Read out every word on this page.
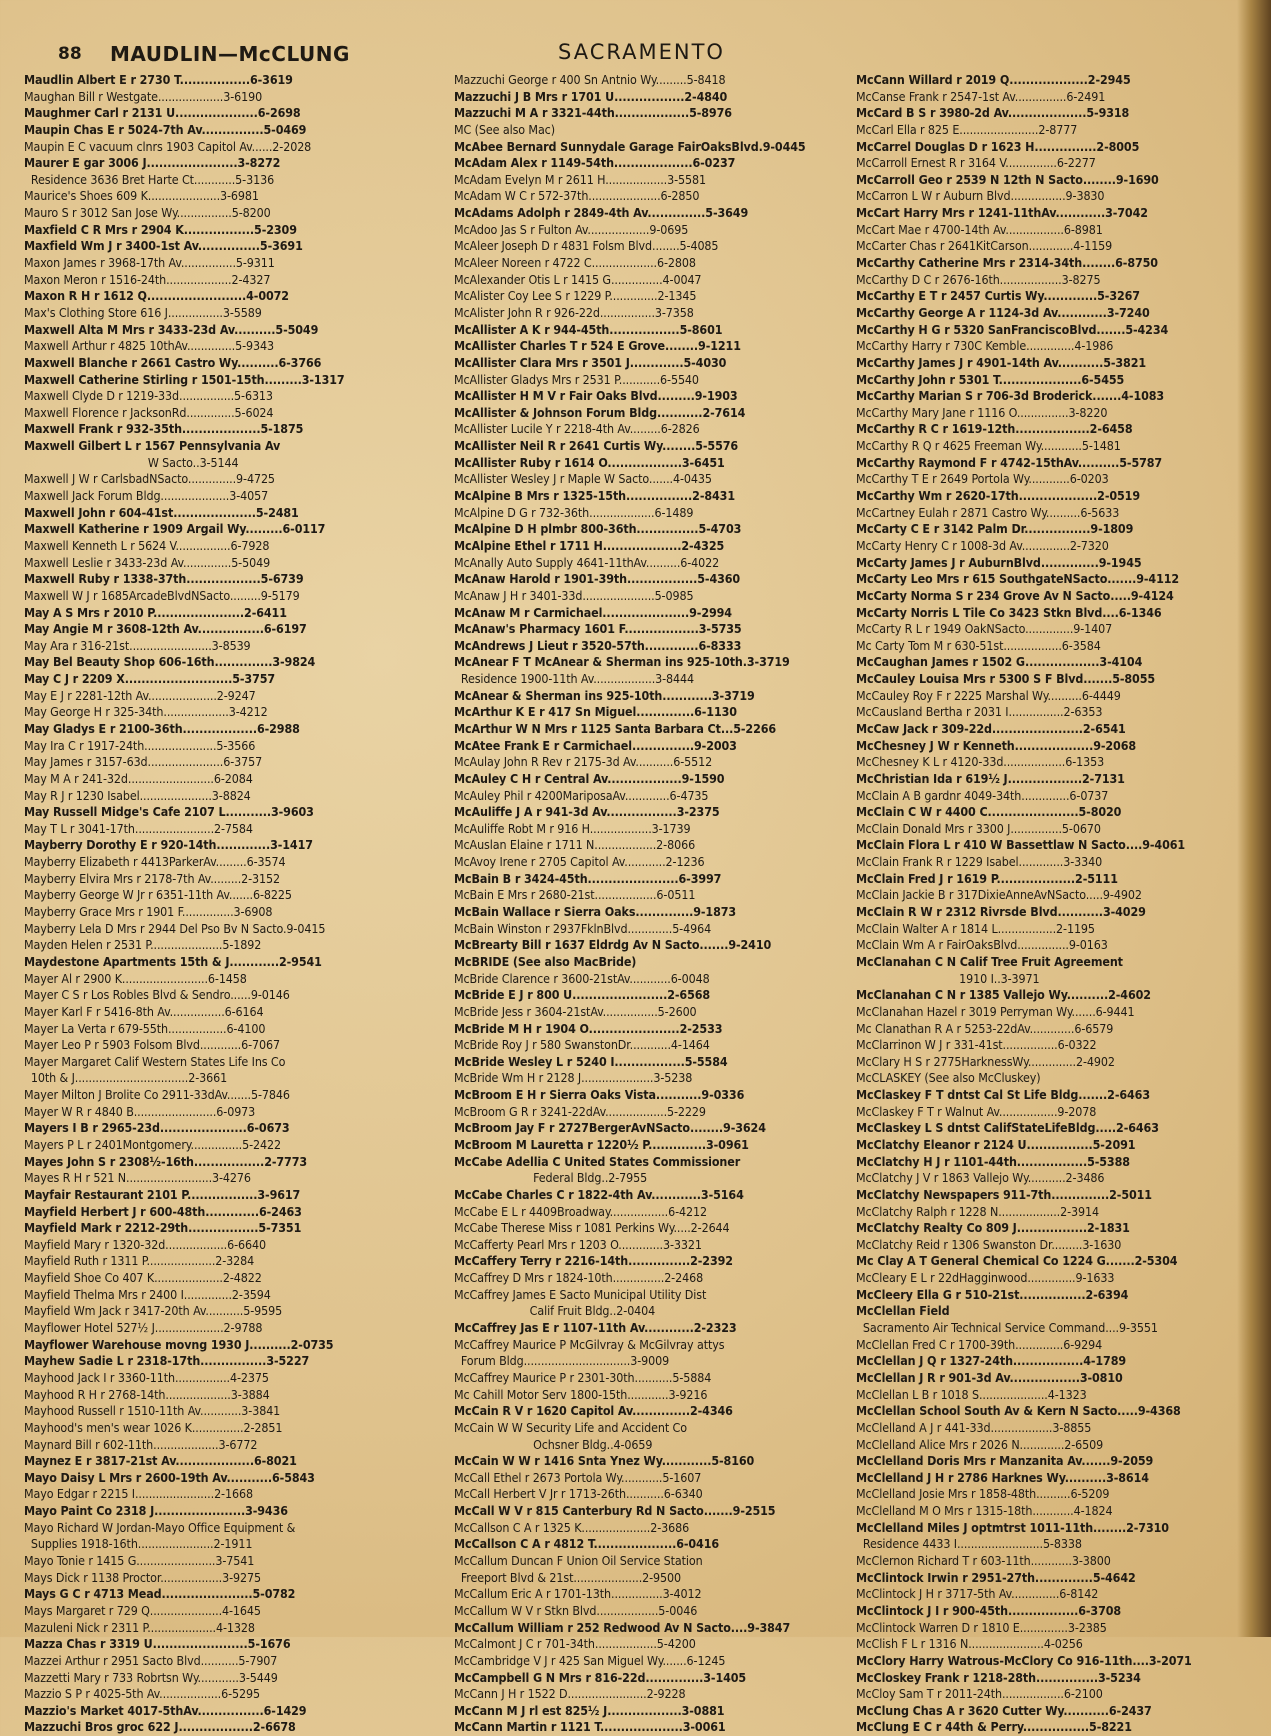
88 MAUDLIN—McCLUNG	SACRAMENTO
Maudlin Albert E r 2730 T.................6-3619
Maughan Bill r Westgate...................3-6190
Maughmer Carl r 2131 U....................6-2698
Maupin Chas E r 5024-7th Av...............5-0469
Maupin E C vacuum clnrs 1903 Capitol Av......2-2028
Maurer E gar 3006 J......................3-8272
Residence 3636 Bret Harte Ct............5-3136
Maurice's Shoes 609 K.....................3-6981
Mauro S r 3012 San Jose Wy................5-8200
Maxfield C R Mrs r 2904 K.................5-2309
Maxfield Wm J r 3400-1st Av...............5-3691
Maxon James r 3968-17th Av................5-9311
Maxon Meron r 1516-24th...................2-4327
Maxon R H r 1612 Q........................4-0072
Max's Clothing Store 616 J................3-5589
Maxwell Alta M Mrs r 3433-23d Av..........5-5049
Maxwell Arthur r 4825 10thAv..............5-9343
Maxwell Blanche r 2661 Castro Wy..........6-3766
Maxwell Catherine Stirling r 1501-15th.........3-1317
Maxwell Clyde D r 1219-33d................5-6313
Maxwell Florence r JacksonRd..............5-6024
Maxwell Frank r 932-35th...................5-1875
Maxwell Gilbert L r 1567 Pennsylvania Av
W Sacto..3-5144
Maxwell J W r CarlsbadNSacto..............9-4725
Maxwell Jack Forum Bldg....................3-4057
Maxwell John r 604-41st....................5-2481
Maxwell Katherine r 1909 Argail Wy.........6-0117
Maxwell Kenneth L r 5624 V................6-7928
Maxwell Leslie r 3433-23d Av..............5-5049
Maxwell Ruby r 1338-37th..................5-6739
Maxwell W J r 1685ArcadeBlvdNSacto.........9-5179
May A S Mrs r 2010 P......................2-6411
May Angie M r 3608-12th Av................6-6197
May Ara r 316-21st........................3-8539
May Bel Beauty Shop 606-16th..............3-9824
May C J r 2209 X..........................5-3757
May E J r 2281-12th Av....................2-9247
May George H r 325-34th...................3-4212
May Gladys E r 2100-36th..................6-2988
May Ira C r 1917-24th.....................5-3566
May James r 3157-63d......................6-3757
May M A r 241-32d.........................6-2084
May R J r 1230 Isabel.....................3-8824
May Russell Midge's Cafe 2107 L...........3-9603
May T L r 3041-17th.......................2-7584
Mayberry Dorothy E r 920-14th.............3-1417
Mayberry Elizabeth r 4413ParkerAv.........6-3574
Mayberry Elvira Mrs r 2178-7th Av.........2-3152
Mayberry George W Jr r 6351-11th Av.......6-8225
Mayberry Grace Mrs r 1901 F...............3-6908
Mayberry Lela D Mrs r 2944 Del Pso Bv N Sacto.9-0415
Mayden Helen r 2531 P.....................5-1892
Maydestone Apartments 15th & J............2-9541
Mayer Al r 2900 K.........................6-1458
Mayer C S r Los Robles Blvd & Sendro......9-0146
Mayer Karl F r 5416-8th Av................6-6164
Mayer La Verta r 679-55th.................6-4100
Mayer Leo P r 5903 Folsom Blvd............6-7067
Mayer Margaret Calif Western States Life Ins Co
10th & J.................................2-3661
Mayer Milton J Brolite Co 2911-33dAv.......5-7846
Mayer W R r 4840 B........................6-0973
Mayers I B r 2965-23d.....................6-0673
Mayers P L r 2401Montgomery...............5-2422
Mayes John S r 2308½-16th.................2-7773
Mayes R H r 521 N.........................3-4276
Mayfair Restaurant 2101 P.................3-9617
Mayfield Herbert J r 600-48th.............6-2463
Mayfield Mark r 2212-29th.................5-7351
Mayfield Mary r 1320-32d..................6-6640
Mayfield Ruth r 1311 P....................2-3284
Mayfield Shoe Co 407 K....................2-4822
Mayfield Thelma Mrs r 2400 I..............2-3594
Mayfield Wm Jack r 3417-20th Av...........5-9595
Mayflower Hotel 527½ J....................2-9788
Mayflower Warehouse movng 1930 J..........2-0735
Mayhew Sadie L r 2318-17th................3-5227
Mayhood Jack I r 3360-11th................4-2375
Mayhood R H r 2768-14th...................3-3884
Mayhood Russell r 1510-11th Av............3-3841
Mayhood's men's wear 1026 K...............2-2851
Maynard Bill r 602-11th...................3-6772
Maynez E r 3817-21st Av...................6-8021
Mayo Daisy L Mrs r 2600-19th Av...........6-5843
Mayo Edgar r 2215 I.......................2-1668
Mayo Paint Co 2318 J......................3-9436
Mayo Richard W Jordan-Mayo Office Equipment &
Supplies 1918-16th......................2-1911
Mayo Tonie r 1415 G.......................3-7541
Mays Dick r 1138 Proctor..................3-9275
Mays G C r 4713 Mead......................5-0782
Mays Margaret r 729 Q.....................4-1645
Mazuleni Nick r 2311 P....................4-1328
Mazza Chas r 3319 U.......................5-1676
Mazzei Arthur r 2951 Sacto Blvd...........5-7907
Mazzetti Mary r 733 Robrtsn Wy............3-5449
Mazzio S P r 4025-5th Av..................6-5295
Mazzio's Market 4017-5thAv................6-1429
Mazzuchi Bros groc 622 J..................2-6678
Mazzuchi George r 400 Sn Antnio Wy.........5-8418
Mazzuchi J B Mrs r 1701 U.................2-4840
Mazzuchi M A r 3321-44th..................5-8976
MC (See also Mac)
McAbee Bernard Sunnydale Garage FairOaksBlvd.9-0445
McAdam Alex r 1149-54th...................6-0237
McAdam Evelyn M r 2611 H..................3-5581
McAdam W C r 572-37th.....................6-2850
McAdams Adolph r 2849-4th Av..............5-3649
McAdoo Jas S r Fulton Av..................9-0695
McAleer Joseph D r 4831 Folsm Blvd........5-4085
McAleer Noreen r 4722 C...................6-2808
McAlexander Otis L r 1415 G...............4-0047
McAlister Coy Lee S r 1229 P..............2-1345
McAlister John R r 926-22d................3-7358
McAllister A K r 944-45th.................5-8601
McAllister Charles T r 524 E Grove........9-1211
McAllister Clara Mrs r 3501 J.............5-4030
McAllister Gladys Mrs r 2531 P............6-5540
McAllister H M V r Fair Oaks Blvd.........9-1903
McAllister & Johnson Forum Bldg...........2-7614
McAllister Lucile Y r 2218-4th Av.........6-2826
McAllister Neil R r 2641 Curtis Wy........5-5576
McAllister Ruby r 1614 O..................3-6451
McAllister Wesley J r Maple W Sacto.......4-0435
McAlpine B Mrs r 1325-15th................2-8431
McAlpine D G r 732-36th...................6-1489
McAlpine D H plmbr 800-36th...............5-4703
McAlpine Ethel r 1711 H...................2-4325
McAnally Auto Supply 4641-11thAv..........6-4022
McAnaw Harold r 1901-39th.................5-4360
McAnaw J H r 3401-33d.....................5-0985
McAnaw M r Carmichael.....................9-2994
McAnaw's Pharmacy 1601 F..................3-5735
McAndrews J Lieut r 3520-57th.............6-8333
McAnear F T McAnear & Sherman ins 925-10th.3-3719
Residence 1900-11th Av..................3-8444
McAnear & Sherman ins 925-10th............3-3719
McArthur K E r 417 Sn Miguel..............6-1130
McArthur W N Mrs r 1125 Santa Barbara Ct...5-2266
McAtee Frank E r Carmichael...............9-2003
McAulay John R Rev r 2175-3d Av...........6-5512
McAuley C H r Central Av..................9-1590
McAuley Phil r 4200MariposaAv.............6-4735
McAuliffe J A r 941-3d Av.................3-2375
McAuliffe Robt M r 916 H..................3-1739
McAuslan Elaine r 1711 N..................2-8066
McAvoy Irene r 2705 Capitol Av............2-1236
McBain B r 3424-45th......................6-3997
McBain E Mrs r 2680-21st..................6-0511
McBain Wallace r Sierra Oaks..............9-1873
McBain Winston r 2937FklnBlvd.............5-4964
McBrearty Bill r 1637 Eldrdg Av N Sacto.......9-2410
McBRIDE (See also MacBride)
McBride Clarence r 3600-21stAv............6-0048
McBride E J r 800 U.......................2-6568
McBride Jess r 3604-21stAv................5-2600
McBride M H r 1904 O......................2-2533
McBride Roy J r 580 SwanstonDr............4-1464
McBride Wesley L r 5240 I.................5-5584
McBride Wm H r 2128 J.....................3-5238
McBroom E H r Sierra Oaks Vista...........9-0336
McBroom G R r 3241-22dAv..................5-2229
McBroom Jay F r 2727BergerAvNSacto........9-3624
McBroom M Lauretta r 1220½ P..............3-0961
McCabe Adellia C United States Commissioner
Federal Bldg..2-7955
McCabe Charles C r 1822-4th Av............3-5164
McCabe E L r 4409Broadway.................6-4212
McCabe Therese Miss r 1081 Perkins Wy.....2-2644
McCafferty Pearl Mrs r 1203 O.............3-3321
McCaffery Terry r 2216-14th...............2-2392
McCaffrey D Mrs r 1824-10th...............2-2468
McCaffrey James E Sacto Municipal Utility Dist
Calif Fruit Bldg..2-0404
McCaffrey Jas E r 1107-11th Av............2-2323
McCaffrey Maurice P McGilvray & McGilvray attys
Forum Bldg...............................3-9009
McCaffrey Maurice P r 2301-30th...........5-5884
Mc Cahill Motor Serv 1800-15th............3-9216
McCain R V r 1620 Capitol Av..............2-4346
McCain W W Security Life and Accident Co
Ochsner Bldg..4-0659
McCain W W r 1416 Snta Ynez Wy............5-8160
McCall Ethel r 2673 Portola Wy............5-1607
McCall Herbert V Jr r 1713-26th...........6-6340
McCall W V r 815 Canterbury Rd N Sacto.......9-2515
McCallson C A r 1325 K....................2-3686
McCallson C A r 4812 T....................6-0416
McCallum Duncan F Union Oil Service Station
Freeport Blvd & 21st....................2-9500
McCallum Eric A r 1701-13th...............3-4012
McCallum W V r Stkn Blvd..................5-0046
McCallum William r 252 Redwood Av N Sacto....9-3847
McCalmont J C r 701-34th..................5-4200
McCambridge V J r 425 San Miguel Wy.......6-1245
McCampbell G N Mrs r 816-22d..............3-1405
McCann J H r 1522 D.......................2-9228
McCann M J rl est 825½ J..................3-0881
McCann Martin r 1121 T....................3-0061
McCann Willard r 2019 Q...................2-2945
McCanse Frank r 2547-1st Av...............6-2491
McCard B S r 3980-2d Av...................5-9318
McCarl Ella r 825 E.......................2-8777
McCarrel Douglas D r 1623 H...............2-8005
McCarroll Ernest R r 3164 V...............6-2277
McCarroll Geo r 2539 N 12th N Sacto........9-1690
McCarron L W r Auburn Blvd................9-3830
McCart Harry Mrs r 1241-11thAv............3-7042
McCart Mae r 4700-14th Av.................6-8981
McCarter Chas r 2641KitCarson.............4-1159
McCarthy Catherine Mrs r 2314-34th........6-8750
McCarthy D C r 2676-16th..................3-8275
McCarthy E T r 2457 Curtis Wy.............5-3267
McCarthy George A r 1124-3d Av............3-7240
McCarthy H G r 5320 SanFranciscoBlvd.......5-4234
McCarthy Harry r 730C Kemble..............4-1986
McCarthy James J r 4901-14th Av...........5-3821
McCarthy John r 5301 T....................6-5455
McCarthy Marian S r 706-3d Broderick.......4-1083
McCarthy Mary Jane r 1116 O...............3-8220
McCarthy R C r 1619-12th..................2-6458
McCarthy R Q r 4625 Freeman Wy............5-1481
McCarthy Raymond F r 4742-15thAv..........5-5787
McCarthy T E r 2649 Portola Wy............6-0203
McCarthy Wm r 2620-17th...................2-0519
McCartney Eulah r 2871 Castro Wy..........6-5633
McCarty C E r 3142 Palm Dr................9-1809
McCarty Henry C r 1008-3d Av..............2-7320
McCarty James J r AuburnBlvd..............9-1945
McCarty Leo Mrs r 615 SouthgateNSacto.......9-4112
McCarty Norma S r 234 Grove Av N Sacto.....9-4124
McCarty Norris L Tile Co 3423 Stkn Blvd....6-1346
McCarty R L r 1949 OakNSacto..............9-1407
Mc Carty Tom M r 630-51st.................6-3584
McCaughan James r 1502 G..................3-4104
McCauley Louisa Mrs r 5300 S F Blvd.......5-8055
McCauley Roy F r 2225 Marshal Wy..........6-4449
McCausland Bertha r 2031 I................2-6353
McCaw Jack r 309-22d......................2-6541
McChesney J W r Kenneth...................9-2068
McChesney K L r 4120-33d..................6-1353
McChristian Ida r 619½ J..................2-7131
McClain A B gardnr 4049-34th..............6-0737
McClain C W r 4400 C......................5-8020
McClain Donald Mrs r 3300 J...............5-0670
McClain Flora L r 410 W Bassettlaw N Sacto....9-4061
McClain Frank R r 1229 Isabel.............3-3340
McClain Fred J r 1619 P...................2-5111
McClain Jackie B r 317DixieAnneAvNSacto.....9-4902
McClain R W r 2312 Rivrsde Blvd...........3-4029
McClain Walter A r 1814 L.................2-1195
McClain Wm A r FairOaksBlvd...............9-0163
McClanahan C N Calif Tree Fruit Agreement
1910 I..3-3971
McClanahan C N r 1385 Vallejo Wy..........2-4602
McClanahan Hazel r 3019 Perryman Wy.......6-9441
Mc Clanathan R A r 5253-22dAv.............6-6579
McClarrinon W J r 331-41st................6-0322
McClary H S r 2775HarknessWy..............2-4902
McCLASKEY (See also McCluskey)
McClaskey F T dntst Cal St Life Bldg.......2-6463
McClaskey F T r Walnut Av.................9-2078
McClaskey L S dntst CalifStateLifeBldg.....2-6463
McClatchy Eleanor r 2124 U................5-2091
McClatchy H J r 1101-44th.................5-5388
McClatchy J V r 1863 Vallejo Wy...........2-3486
McClatchy Newspapers 911-7th..............2-5011
McClatchy Ralph r 1228 N..................2-3914
McClatchy Realty Co 809 J.................2-1831
McClatchy Reid r 1306 Swanston Dr.........3-1630
Mc Clay A T General Chemical Co 1224 G.......2-5304
McCleary E L r 22dHagginwood..............9-1633
McCleery Ella G r 510-21st................2-6394
McClellan Field
Sacramento Air Technical Service Command....9-3551
McClellan Fred C r 1700-39th..............6-9294
McClellan J Q r 1327-24th.................4-1789
McClellan J R r 901-3d Av.................3-0810
McClellan L B r 1018 S....................4-1323
McClellan School South Av & Kern N Sacto.....9-4368
McClelland A J r 441-33d..................3-8855
McClelland Alice Mrs r 2026 N.............2-6509
McClelland Doris Mrs r Manzanita Av.......9-2059
McClelland J H r 2786 Harknes Wy..........3-8614
McClelland Josie Mrs r 1858-48th..........6-5209
McClelland M O Mrs r 1315-18th............4-1824
McClelland Miles J optmtrst 1011-11th........2-7310
Residence 4433 I.........................5-8338
McClernon Richard T r 603-11th............3-3800
McClintock Irwin r 2951-27th..............5-4642
McClintock J H r 3717-5th Av..............6-8142
McClintock J I r 900-45th.................6-3708
McClintock Warren D r 1810 E..............3-2385
McClish F L r 1316 N......................4-0256
McClory Harry Watrous-McClory Co 916-11th....3-2071
McCloskey Frank r 1218-28th...............3-5234
McCloy Sam T r 2011-24th..................6-2100
McClung Chas A r 3620 Cutter Wy...........6-2437
McClung E C r 44th & Perry................5-8221
